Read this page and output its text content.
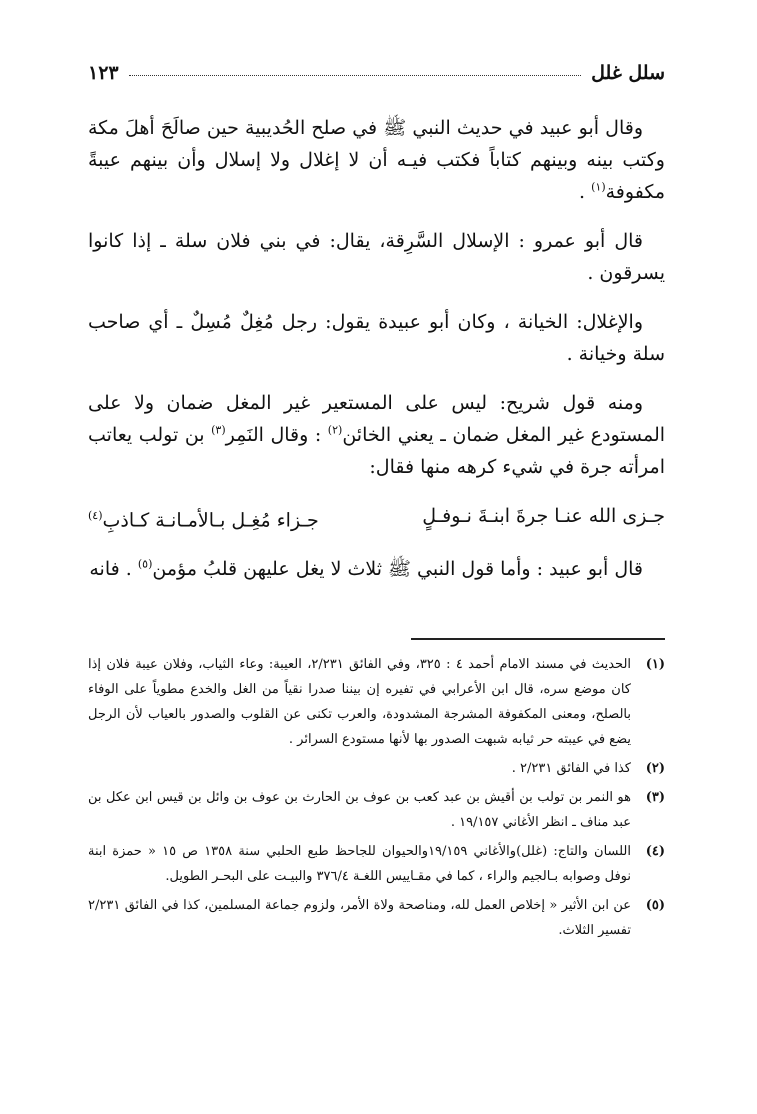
سلل غلل
١٢٣

وقال أبو عبيد في حديث النبي ﷺ في صلح الحُديبية حين صالَحَ أهلَ مكة وكتب بينه وبينهم كتاباً فكتب فيـه أن لا إغلال ولا إسلال وأن بينهم عيبةً مكفوفة$^{(١)}$ .

قال أبو عمرو : الإسلال السَّرِقة، يقال: في بني فلان سلة ـ إذا كانوا يسرقون .

والإغلال: الخيانة ، وكان أبو عبيدة يقول: رجل مُغِلٌ مُسِلٌ ـ أي صاحب سلة وخيانة .

ومنه قول شريح: ليس على المستعير غير المغل ضمان ولا على المستودع غير المغل ضمان ـ يعني الخائن$^{(٢)}$ : وقال النَمِر$^{(٣)}$ بن تولب يعاتب امرأته جرة في شيء كرهه منها فقال:

جـزى الله عنـا جرةَ ابنـةَ نـوفـلٍ
جـزاء مُغِـل بـالأمـانـة كـاذبِ$^{(٤)}$

قال أبو عبيد : وأما قول النبي ﷺ ثلاث لا يغل عليهن قلبُ مؤمن$^{(٥)}$ . فانه

(١)
الحديث في مسند الامام أحمد ٤ : ٣٢٥، وفي الفائق ٢/٢٣١، العيبة: وعاء الثياب، وفلان عيبة فلان إذا كان موضع سره، قال ابن الأعرابي في تفيره إن بيننا صدرا نقياً من الغل والخدع مطوياً على الوفاء بالصلح، ومعنى المكفوفة المشرجة المشدودة، والعرب تكنى عن القلوب والصدور بالعياب لأن الرجل يضع في عيبته حر ثيابه شبهت الصدور بها لأنها مستودع السرائر .
(٢)
كذا في الفائق ٢/٢٣١ .
(٣)
هو النمر بن تولب بن أقيش بن عبد كعب بن عوف بن الحارث بن عوف بن وائل بن قيس ابن عكل بن عبد مناف ـ انظر الأغاني ١٩/١٥٧ .
(٤)
اللسان والتاج: (غلل)والأغاني ١٩/١٥٩والحيوان للجاحظ طبع الحلبي سنة ١٣٥٨ ص ١٥ « حمزة ابنة نوفل وصوابه بـالجيم والراء ، كما في مقـاييس اللغـة ٣٧٦/٤ والبيـت على البحـر الطويل.
(٥)
عن ابن الأثير « إخلاص العمل لله، ومناصحة ولاة الأمر، ولزوم جماعة المسلمين، كذا في الفائق ٢/٢٣١ تفسير الثلاث.
